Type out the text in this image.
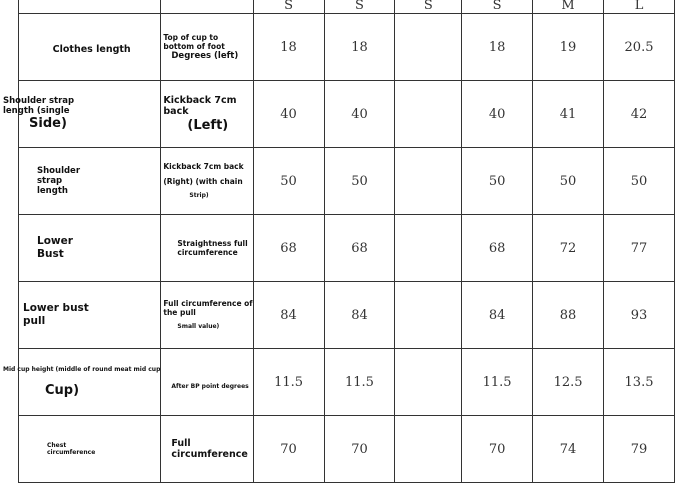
		S	S	S	S	M	L
Clothes length	Top of cup to
bottom of foot
Degrees (left)	18	18		18	19	20.5

Shoulder strap
length (single
Side)	Kickback 7cm
back
(Left)	40	40		40	41	42

Shoulder
strap
length	Kickback 7cm back
(Right) (with chain
Strip)	50	50		50	50	50

Lower
Bust	Straightness full
circumference	68	68		68	72	77

Lower bust
pull	Full circumference of
the pull
Small value)	84	84		84	88	93

Mid cup height (middle of round meat mid cup
Cup)	After BP point degrees	11.5	11.5		11.5	12.5	13.5

Chest
circumference	Full
circumference	70	70		70	74	79
